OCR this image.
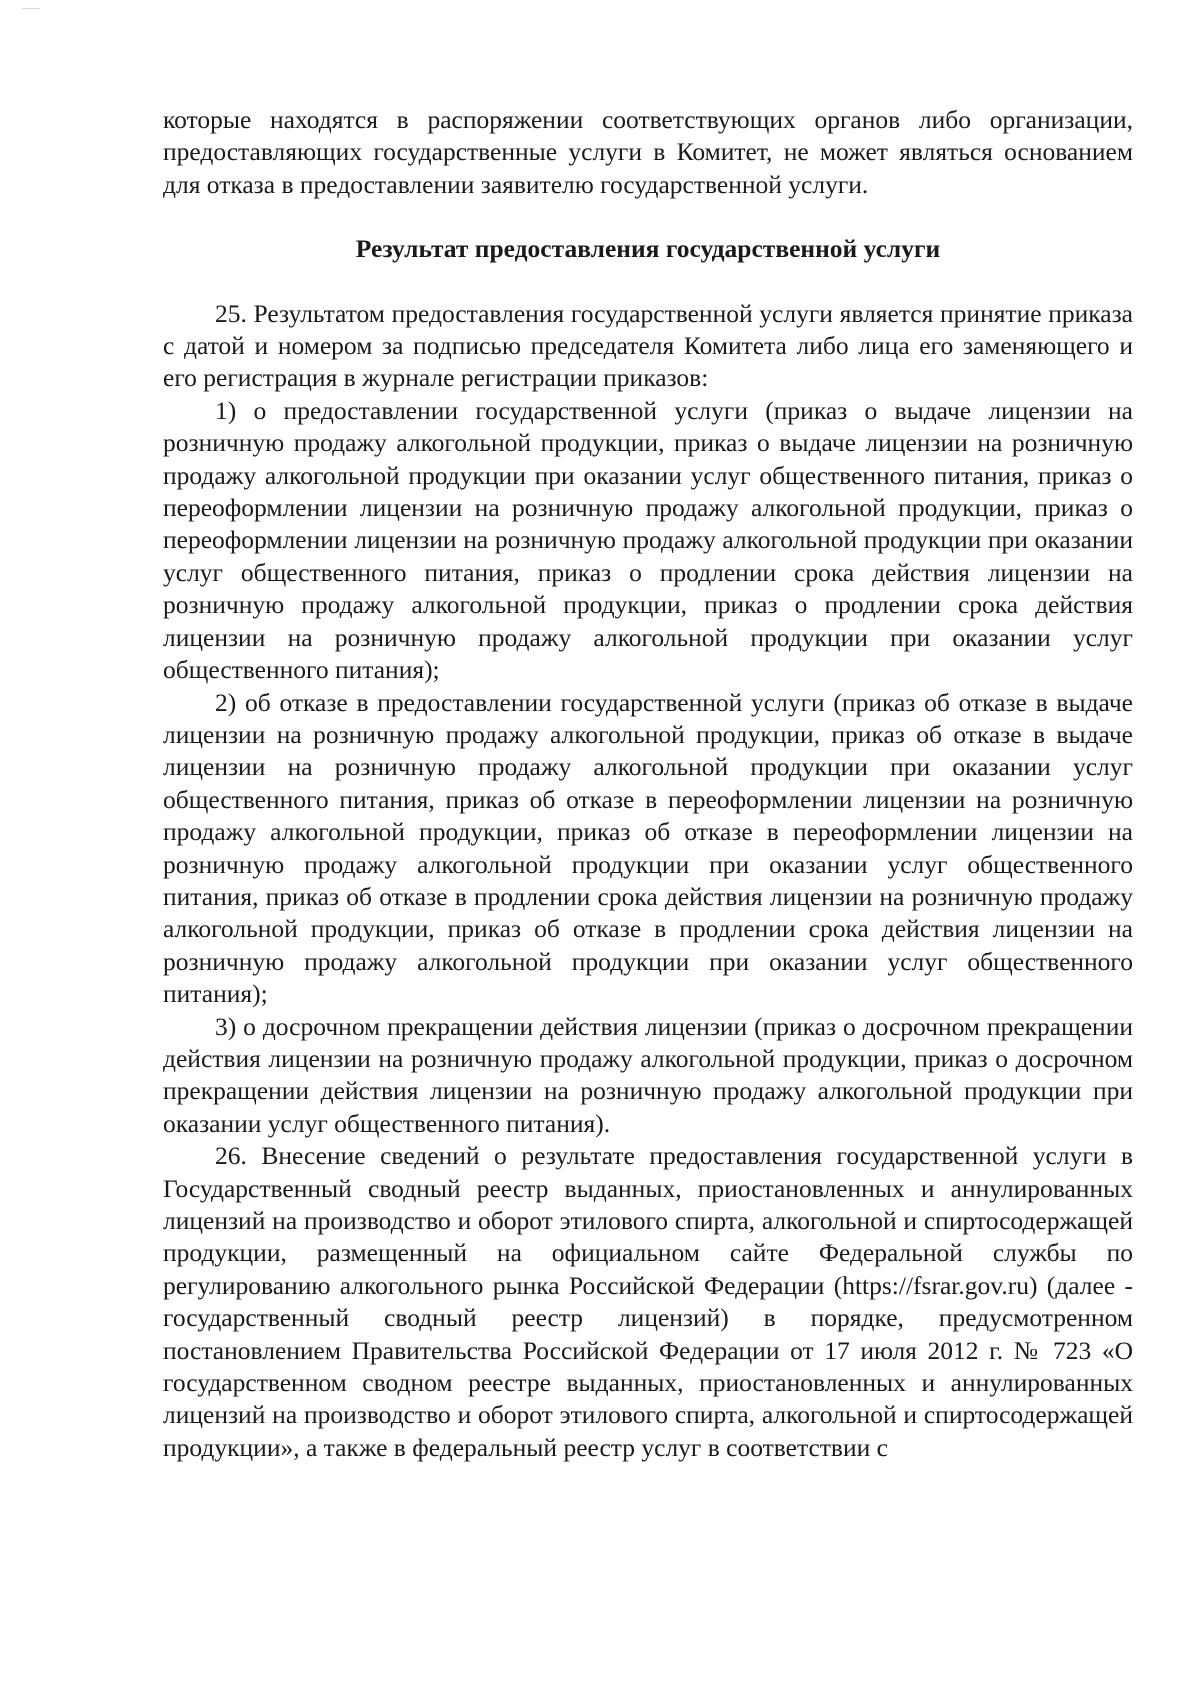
которые находятся в распоряжении соответствующих органов либо организации, предоставляющих государственные услуги в Комитет, не может являться основанием для отказа в предоставлении заявителю государственной услуги.

Результат предоставления государственной услуги

25. Результатом предоставления государственной услуги является принятие приказа с датой и номером за подписью председателя Комитета либо лица его заменяющего и его регистрация в журнале регистрации приказов:

1) о предоставлении государственной услуги (приказ о выдаче лицензии на розничную продажу алкогольной продукции, приказ о выдаче лицензии на розничную продажу алкогольной продукции при оказании услуг общественного питания, приказ о переоформлении лицензии на розничную продажу алкогольной продукции, приказ о переоформлении лицензии на розничную продажу алкогольной продукции при оказании услуг общественного питания, приказ о продлении срока действия лицензии на розничную продажу алкогольной продукции, приказ о продлении срока действия лицензии на розничную продажу алкогольной продукции при оказании услуг общественного питания);

2) об отказе в предоставлении государственной услуги (приказ об отказе в выдаче лицензии на розничную продажу алкогольной продукции, приказ об отказе в выдаче лицензии на розничную продажу алкогольной продукции при оказании услуг общественного питания, приказ об отказе в переоформлении лицензии на розничную продажу алкогольной продукции, приказ об отказе в переоформлении лицензии на розничную продажу алкогольной продукции при оказании услуг общественного питания, приказ об отказе в продлении срока действия лицензии на розничную продажу алкогольной продукции, приказ об отказе в продлении срока действия лицензии на розничную продажу алкогольной продукции при оказании услуг общественного питания);

3) о досрочном прекращении действия лицензии (приказ о досрочном прекращении действия лицензии на розничную продажу алкогольной продукции, приказ о досрочном прекращении действия лицензии на розничную продажу алкогольной продукции при оказании услуг общественного питания).

26. Внесение сведений о результате предоставления государственной услуги в Государственный сводный реестр выданных, приостановленных и аннулированных лицензий на производство и оборот этилового спирта, алкогольной и спиртосодержащей продукции, размещенный на официальном сайте Федеральной службы по регулированию алкогольного рынка Российской Федерации (https://fsrar.gov.ru) (далее - государственный сводный реестр лицензий) в порядке, предусмотренном постановлением Правительства Российской Федерации от 17 июля 2012 г. № 723 «О государственном сводном реестре выданных, приостановленных и аннулированных лицензий на производство и оборот этилового спирта, алкогольной и спиртосодержащей продукции», а также в федеральный реестр услуг в соответствии с
